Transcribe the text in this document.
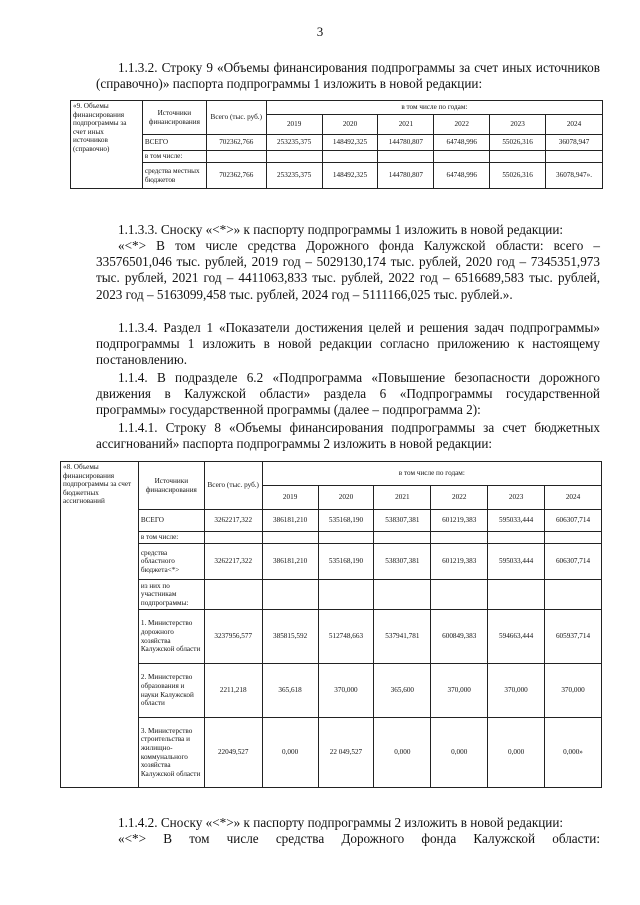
3

1.1.3.2. Строку 9 «Объемы финансирования подпрограммы за счет иных источников (справочно)» паспорта подпрограммы 1 изложить в новой редакции:

«9. Объемы финансирования подпрограммы за счет иных источников (справочно)	Источники финансирования	Всего (тыс. руб.)	в том числе по годам:					
			2019	2020	2021	2022	2023	2024
	ВСЕГО	702362,766	253235,375	148492,325	144780,807	64748,996	55026,316	36078,947
	в том числе:							
	средства местных бюджетов	702362,766	253235,375	148492,325	144780,807	64748,996	55026,316	36078,947».

1.1.3.3. Сноску «<*>» к паспорту подпрограммы 1 изложить в новой редакции:

«<*> В том числе средства Дорожного фонда Калужской области: всего – 33576501,046 тыс. рублей, 2019 год – 5029130,174 тыс. рублей, 2020 год – 7345351,973 тыс. рублей, 2021 год – 4411063,833 тыс. рублей, 2022 год – 6516689,583 тыс. рублей, 2023 год – 5163099,458 тыс. рублей, 2024 год – 5111166,025 тыс. рублей.».

1.1.3.4. Раздел 1 «Показатели достижения целей и решения задач подпрограммы» подпрограммы 1 изложить в новой редакции согласно приложению к настоящему постановлению.

1.1.4. В подразделе 6.2 «Подпрограмма «Повышение безопасности дорожного движения в Калужской области» раздела 6 «Подпрограммы государственной программы» государственной программы (далее – подпрограмма 2):

1.1.4.1. Строку 8 «Объемы финансирования подпрограммы за счет бюджетных ассигнований» паспорта подпрограммы 2 изложить в новой редакции:

«8. Объемы финансирования подпрограммы за счет бюджетных ассигнований	Источники финансирования	Всего (тыс. руб.)	в том числе по годам:					
			2019	2020	2021	2022	2023	2024
	ВСЕГО	3262217,322	386181,210	535168,190	538307,381	601219,383	595033,444	606307,714
	в том числе:							
	средства областного бюджета<*>	3262217,322	386181,210	535168,190	538307,381	601219,383	595033,444	606307,714
	из них по участникам подпрограммы:							
	1. Министерство дорожного хозяйства Калужской области	3237956,577	385815,592	512748,663	537941,781	600849,383	594663,444	605937,714
	2. Министерство образования и науки Калужской области	2211,218	365,618	370,000	365,600	370,000	370,000	370,000
	3. Министерство строительства и жилищно-коммунального хозяйства Калужской области	22049,527	0,000	22 049,527	0,000	0,000	0,000	0,000»

1.1.4.2. Сноску «<*>» к паспорту подпрограммы 2 изложить в новой редакции:

«<*> В том числе средства Дорожного фонда Калужской области:
